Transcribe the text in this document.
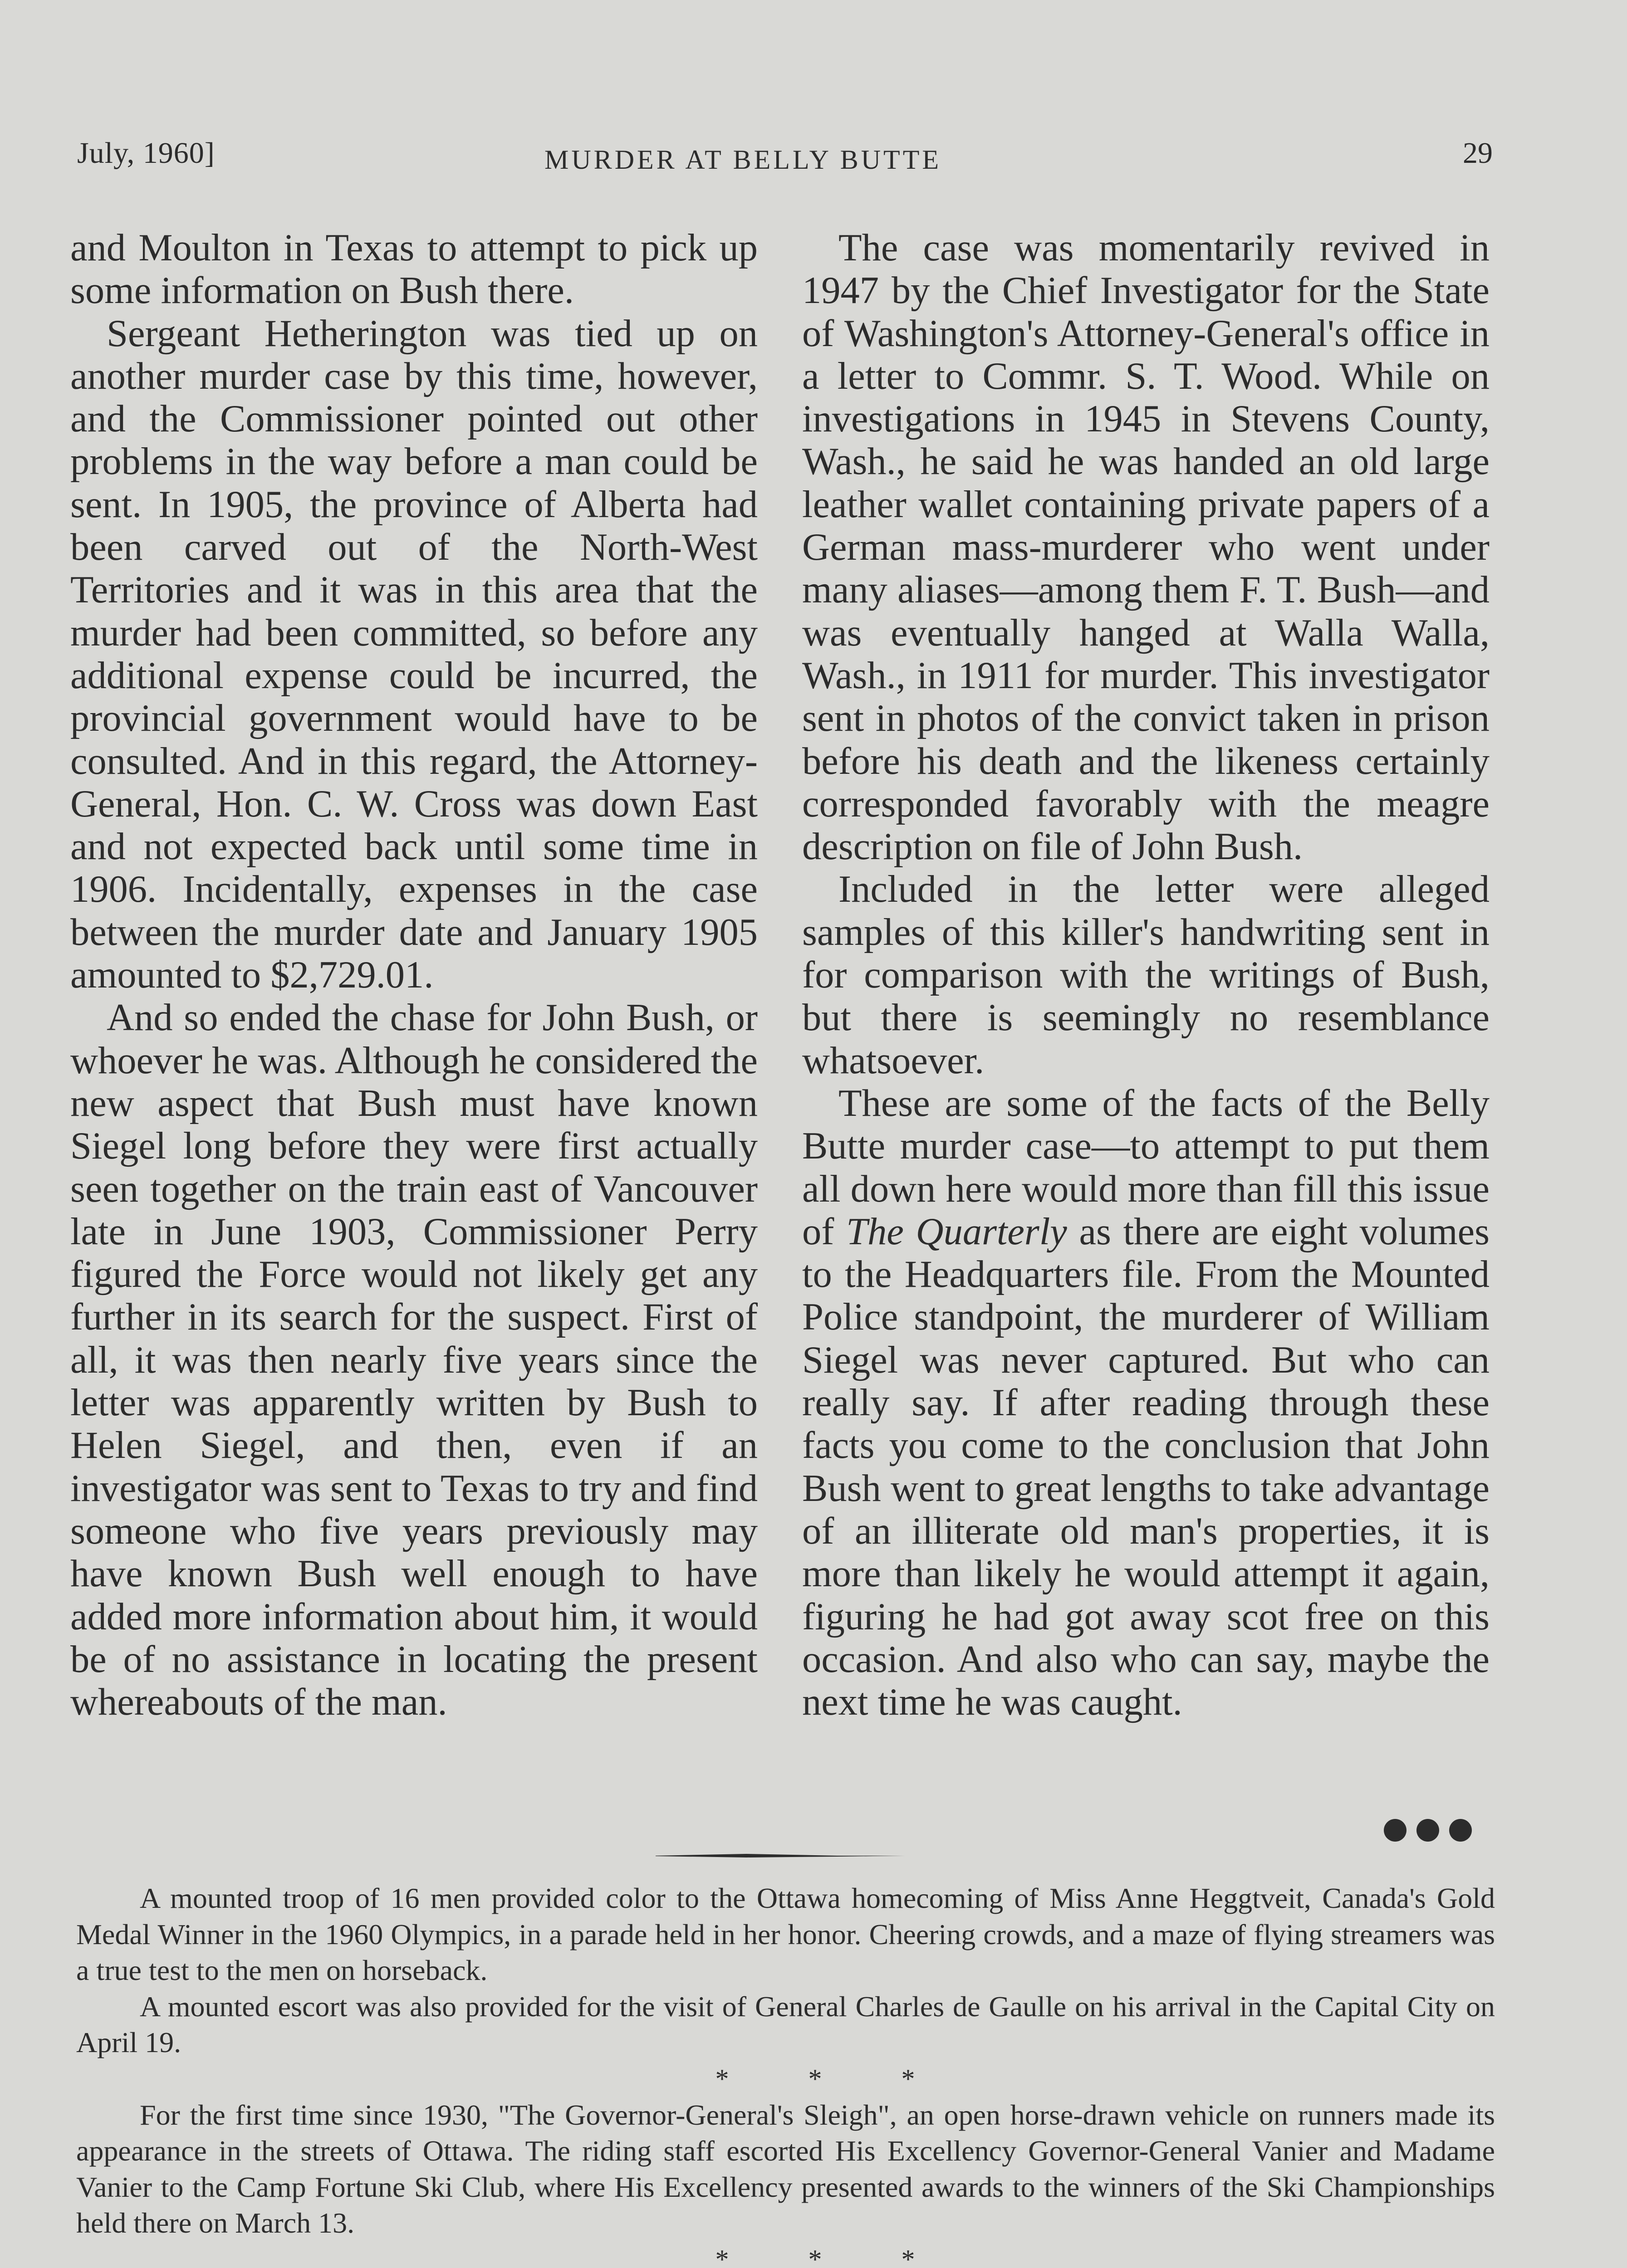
July, 1960]	MURDER AT BELLY BUTTE	29

and Moulton in Texas to attempt to pick up some information on Bush there.

Sergeant Hetherington was tied up on another murder case by this time, however, and the Commissioner pointed out other problems in the way before a man could be sent. In 1905, the province of Alberta had been carved out of the North-West Territories and it was in this area that the murder had been committed, so before any additional expense could be incurred, the provincial government would have to be consulted. And in this regard, the Attorney-General, Hon. C. W. Cross was down East and not expected back until some time in 1906. Incidentally, expenses in the case between the murder date and January 1905 amounted to $2,729.01.

And so ended the chase for John Bush, or whoever he was. Although he considered the new aspect that Bush must have known Siegel long before they were first actually seen together on the train east of Vancouver late in June 1903, Commissioner Perry figured the Force would not likely get any further in its search for the suspect. First of all, it was then nearly five years since the letter was apparently written by Bush to Helen Siegel, and then, even if an investigator was sent to Texas to try and find someone who five years previously may have known Bush well enough to have added more information about him, it would be of no assistance in locating the present whereabouts of the man.

The case was momentarily revived in 1947 by the Chief Investigator for the State of Washington's Attorney-General's office in a letter to Commr. S. T. Wood. While on investigations in 1945 in Stevens County, Wash., he said he was handed an old large leather wallet containing private papers of a German mass-murderer who went under many aliases—among them F. T. Bush—and was eventually hanged at Walla Walla, Wash., in 1911 for murder. This investigator sent in photos of the convict taken in prison before his death and the likeness certainly corresponded favorably with the meagre description on file of John Bush.

Included in the letter were alleged samples of this killer's handwriting sent in for comparison with the writings of Bush, but there is seemingly no resemblance whatsoever.

These are some of the facts of the Belly Butte murder case—to attempt to put them all down here would more than fill this issue of The Quarterly as there are eight volumes to the Headquarters file. From the Mounted Police standpoint, the murderer of William Siegel was never captured. But who can really say. If after reading through these facts you come to the conclusion that John Bush went to great lengths to take advantage of an illiterate old man's properties, it is more than likely he would attempt it again, figuring he had got away scot free on this occasion. And also who can say, maybe the next time he was caught.

A mounted troop of 16 men provided color to the Ottawa homecoming of Miss Anne Heggtveit, Canada's Gold Medal Winner in the 1960 Olympics, in a parade held in her honor. Cheering crowds, and a maze of flying streamers was a true test to the men on horseback.

A mounted escort was also provided for the visit of General Charles de Gaulle on his arrival in the Capital City on April 19.

* * *

For the first time since 1930, "The Governor-General's Sleigh", an open horse-drawn vehicle on runners made its appearance in the streets of Ottawa. The riding staff escorted His Excellency Governor-General Vanier and Madame Vanier to the Camp Fortune Ski Club, where His Excellency presented awards to the winners of the Ski Championships held there on March 13.

* * *
